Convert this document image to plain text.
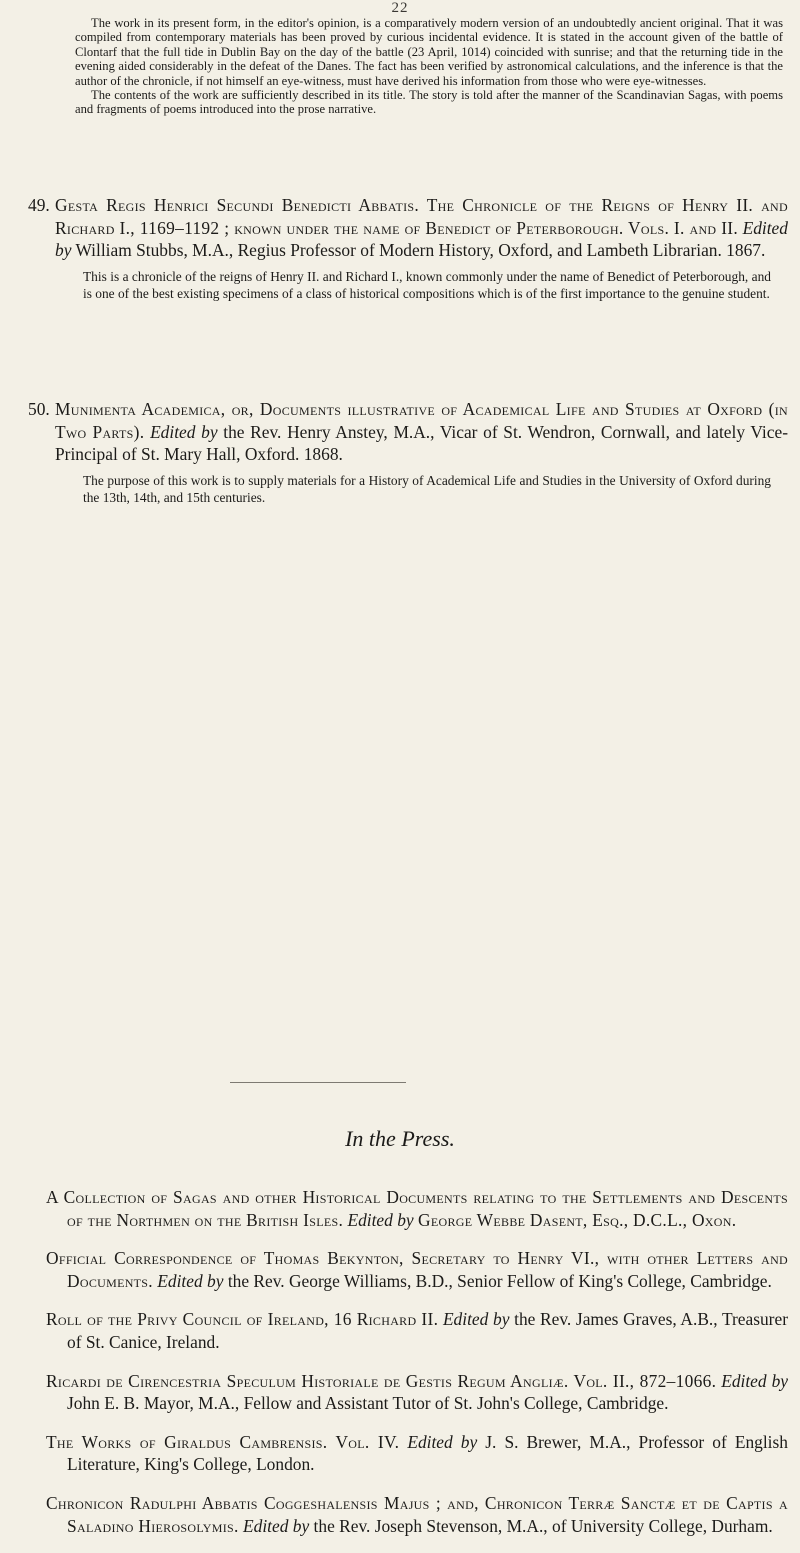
22

The work in its present form, in the editor's opinion, is a comparatively modern version of an undoubtedly ancient original. That it was compiled from contemporary materials has been proved by curious incidental evidence. It is stated in the account given of the battle of Clontarf that the full tide in Dublin Bay on the day of the battle (23 April, 1014) coincided with sunrise; and that the returning tide in the evening aided considerably in the defeat of the Danes. The fact has been verified by astronomical calculations, and the inference is that the author of the chronicle, if not himself an eye-witness, must have derived his information from those who were eye-witnesses.

The contents of the work are sufficiently described in its title. The story is told after the manner of the Scandinavian Sagas, with poems and fragments of poems introduced into the prose narrative.

49. Gesta Regis Henrici Secundi Benedicti Abbatis. The Chronicle of the Reigns of Henry II. and Richard I., 1169–1192 ; known under the name of Benedict of Peterborough. Vols. I. and II. Edited by William Stubbs, M.A., Regius Professor of Modern History, Oxford, and Lambeth Librarian. 1867.

This is a chronicle of the reigns of Henry II. and Richard I., known commonly under the name of Benedict of Peterborough, and is one of the best existing specimens of a class of historical compositions which is of the first importance to the genuine student.

50. Munimenta Academica, or, Documents illustrative of Academical Life and Studies at Oxford (in Two Parts). Edited by the Rev. Henry Anstey, M.A., Vicar of St. Wendron, Cornwall, and lately Vice-Principal of St. Mary Hall, Oxford. 1868.

The purpose of this work is to supply materials for a History of Academical Life and Studies in the University of Oxford during the 13th, 14th, and 15th centuries.

In the Press.

A Collection of Sagas and other Historical Documents relating to the Settlements and Descents of the Northmen on the British Isles. Edited by George Webbe Dasent, Esq., D.C.L., Oxon.

Official Correspondence of Thomas Bekynton, Secretary to Henry VI., with other Letters and Documents. Edited by the Rev. George Williams, B.D., Senior Fellow of King's College, Cambridge.

Roll of the Privy Council of Ireland, 16 Richard II. Edited by the Rev. James Graves, A.B., Treasurer of St. Canice, Ireland.

Ricardi de Cirencestria Speculum Historiale de Gestis Regum Angliæ. Vol. II., 872–1066. Edited by John E. B. Mayor, M.A., Fellow and Assistant Tutor of St. John's College, Cambridge.

The Works of Giraldus Cambrensis. Vol. IV. Edited by J. S. Brewer, M.A., Professor of English Literature, King's College, London.

Chronicon Radulphi Abbatis Coggeshalensis Majus ; and, Chronicon Terræ Sanctæ et de Captis a Saladino Hierosolymis. Edited by the Rev. Joseph Stevenson, M.A., of University College, Durham.
